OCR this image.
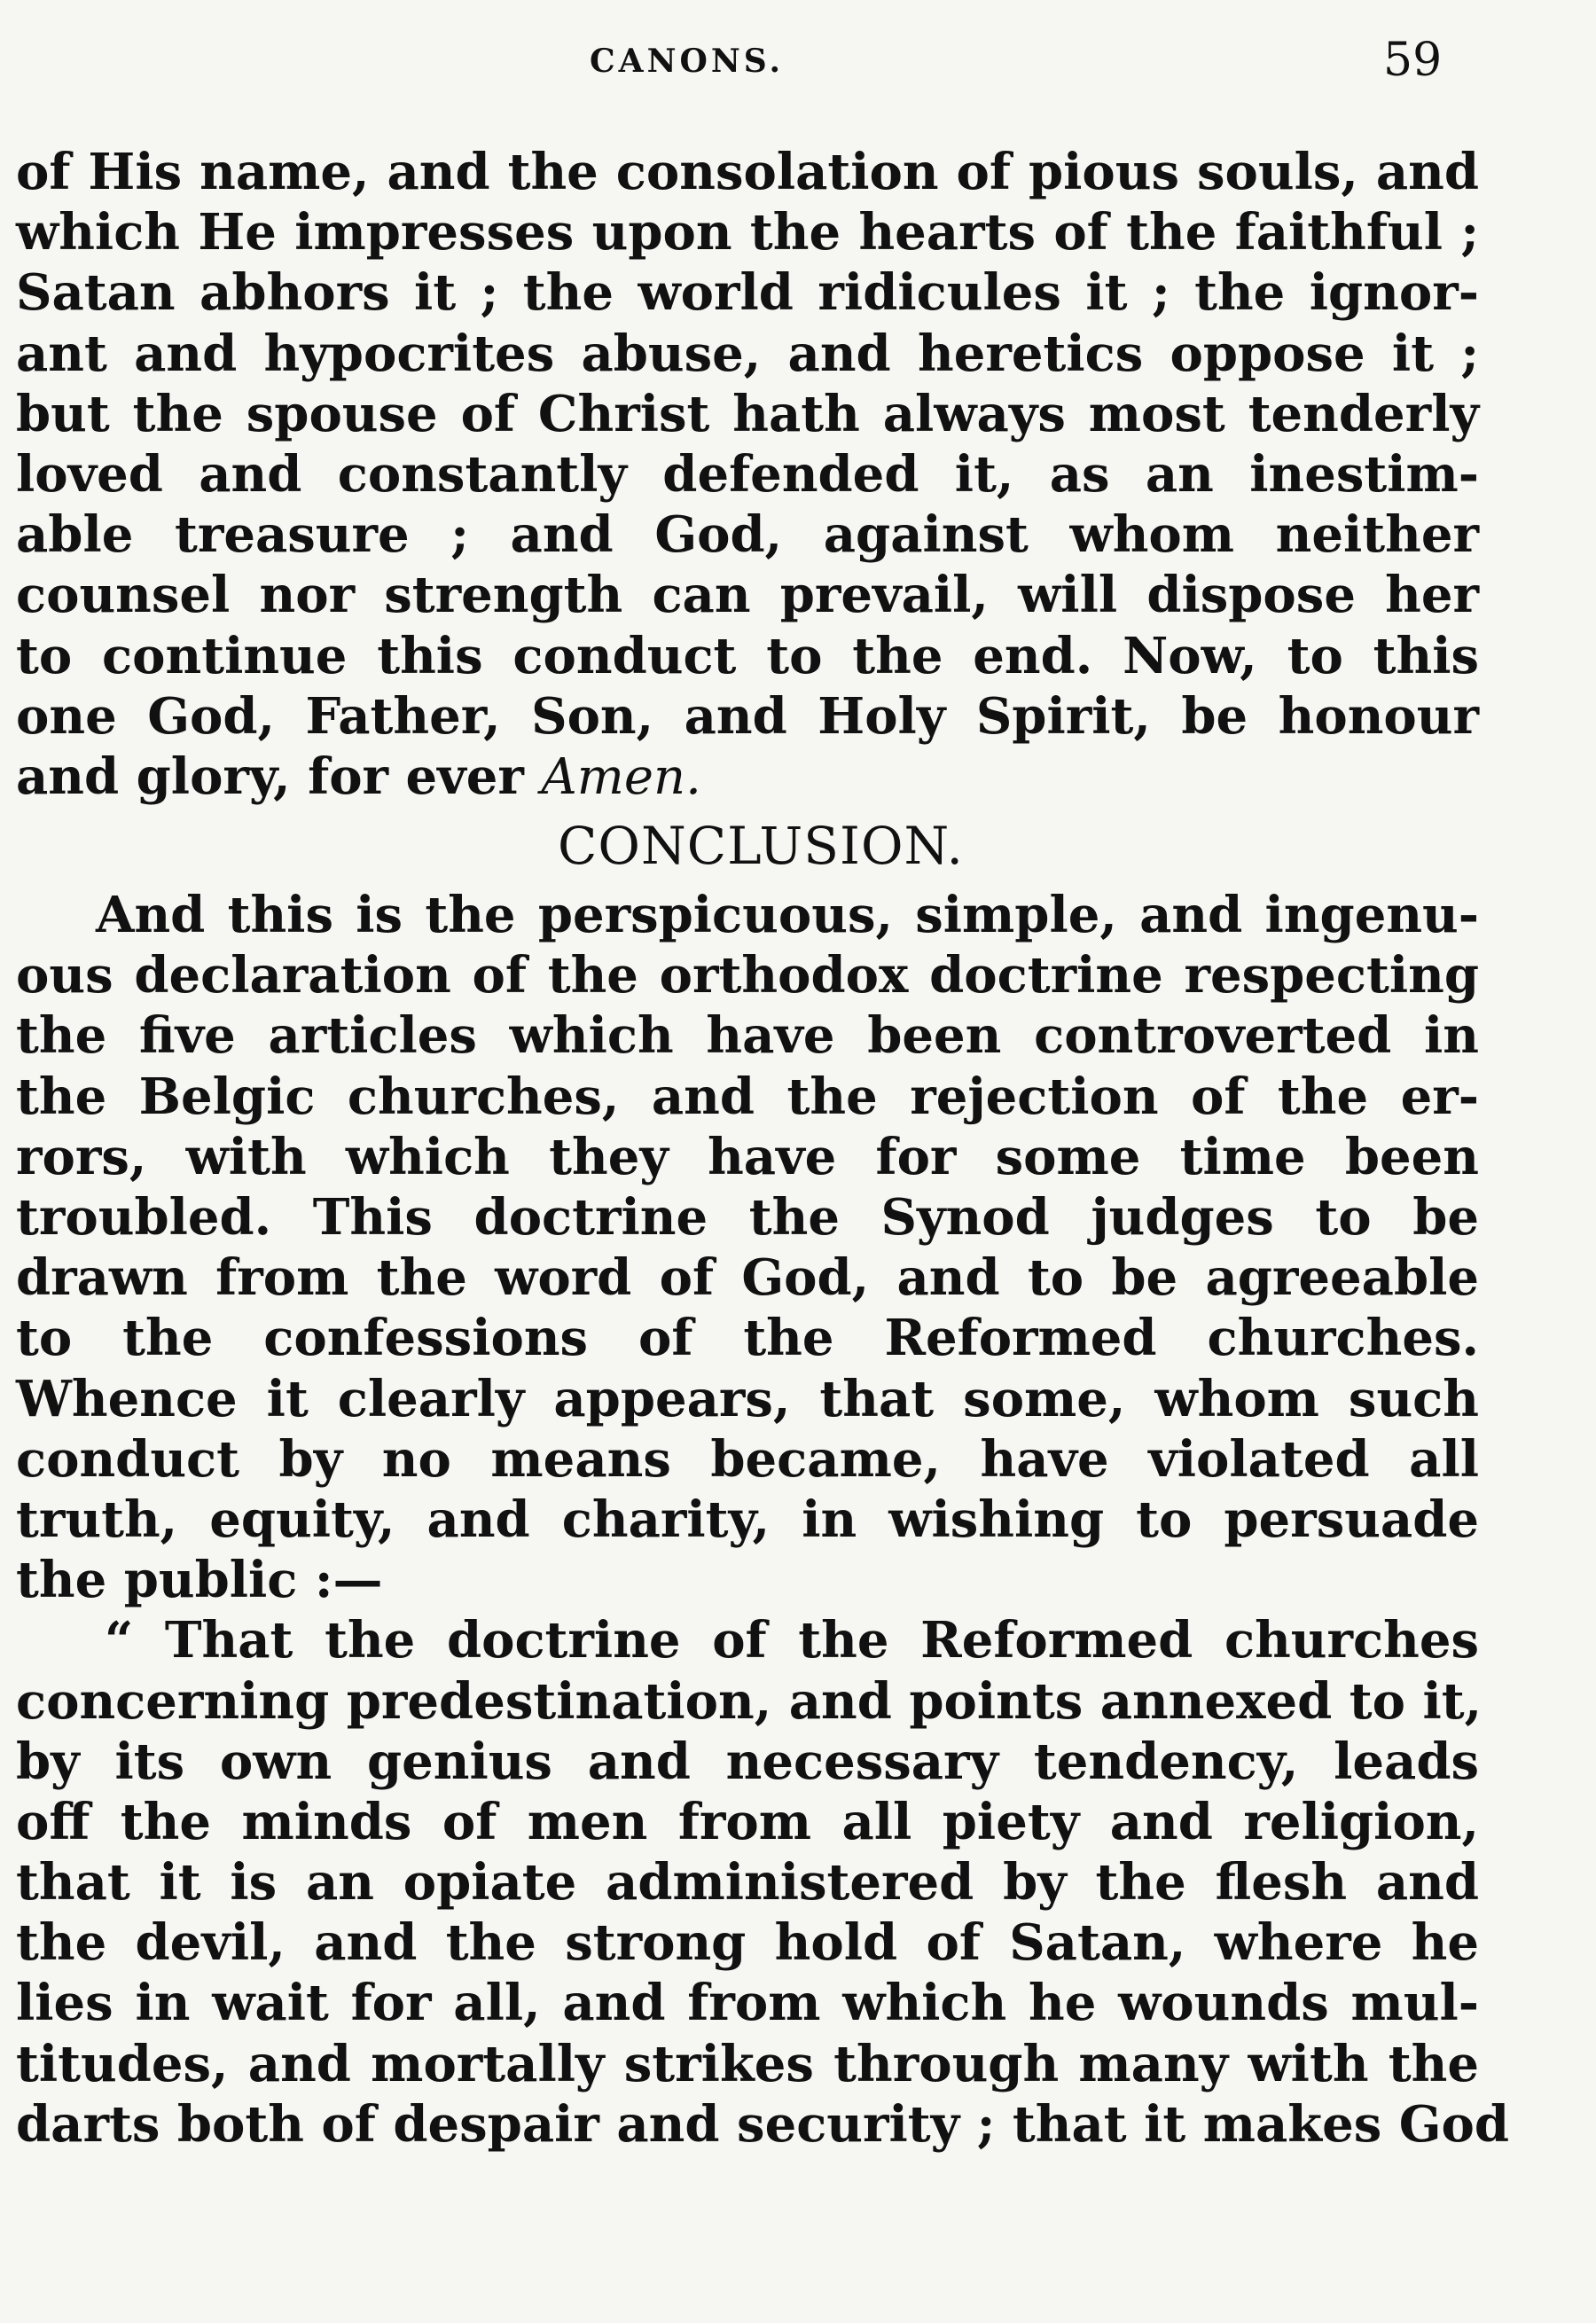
CANONS.	59
of His name, and the consolation of pious souls, and
which He impresses upon the hearts of the faithful ;
Satan abhors it ; the world ridicules it ; the ignor-
ant and hypocrites abuse, and heretics oppose it ;
but the spouse of Christ hath always most tenderly
loved and constantly defended it, as an inestim-
able treasure ; and God, against whom neither
counsel nor strength can prevail, will dispose her
to continue this conduct to the end. Now, to this
one God, Father, Son, and Holy Spirit, be honour
and glory, for ever Amen.
CONCLUSION.
And this is the perspicuous, simple, and ingenu-
ous declaration of the orthodox doctrine respecting
the five articles which have been controverted in
the Belgic churches, and the rejection of the er-
rors, with which they have for some time been
troubled. This doctrine the Synod judges to be
drawn from the word of God, and to be agreeable
to the confessions of the Reformed churches.
Whence it clearly appears, that some, whom such
conduct by no means became, have violated all
truth, equity, and charity, in wishing to persuade
the public :—
“ That the doctrine of the Reformed churches
concerning predestination, and points annexed to it,
by its own genius and necessary tendency, leads
off the minds of men from all piety and religion,
that it is an opiate administered by the flesh and
the devil, and the strong hold of Satan, where he
lies in wait for all, and from which he wounds mul-
titudes, and mortally strikes through many with the
darts both of despair and security ; that it makes God
